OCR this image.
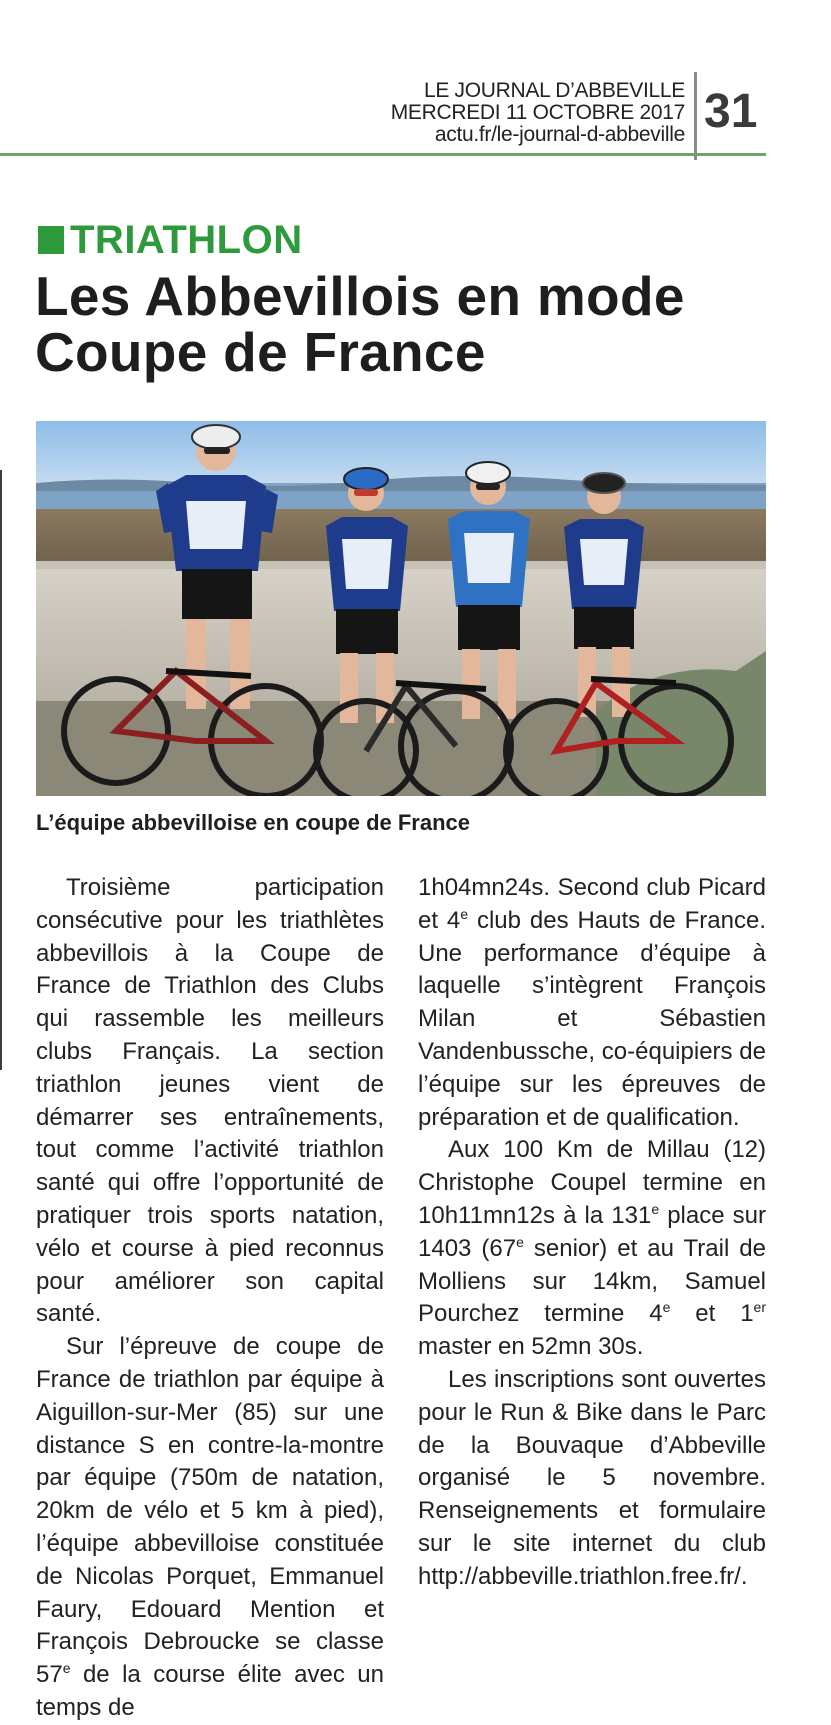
LE JOURNAL D’ABBEVILLE
MERCREDI 11 OCTOBRE 2017
actu.fr/le-journal-d-abbeville 31
TRIATHLON
Les Abbevillois en mode
Coupe de France
L’équipe abbevilloise en coupe de France

Troisième participation consécutive pour les triathlètes abbevillois à la Coupe de France de Triathlon des Clubs qui rassemble les meilleurs clubs Français. La section triathlon jeunes vient de démarrer ses entraînements, tout comme l’activité triathlon santé qui offre l’opportunité de pratiquer trois sports natation, vélo et course à pied reconnus pour améliorer son capital santé.

Sur l’épreuve de coupe de France de triathlon par équipe à Aiguillon-sur-Mer (85) sur une distance S en contre-la-montre par équipe (750m de natation, 20km de vélo et 5 km à pied), l’équipe abbevilloise constituée de Nicolas Porquet, Emmanuel Faury, Edouard Mention et François Debroucke se classe 57e de la course élite avec un temps de

1h04mn24s. Second club Picard et 4e club des Hauts de France. Une performance d’équipe à laquelle s’intègrent François Milan et Sébastien Vandenbussche, co-équipiers de l’équipe sur les épreuves de préparation et de qualification.

Aux 100 Km de Millau (12) Christophe Coupel termine en 10h11mn12s à la 131e place sur 1403 (67e senior) et au Trail de Molliens sur 14km, Samuel Pourchez termine 4e et 1er master en 52mn 30s.

Les inscriptions sont ouvertes pour le Run & Bike dans le Parc de la Bouvaque d’Abbeville organisé le 5 novembre. Renseignements et formulaire sur le site internet du club http://abbeville.triathlon.free.fr/.
